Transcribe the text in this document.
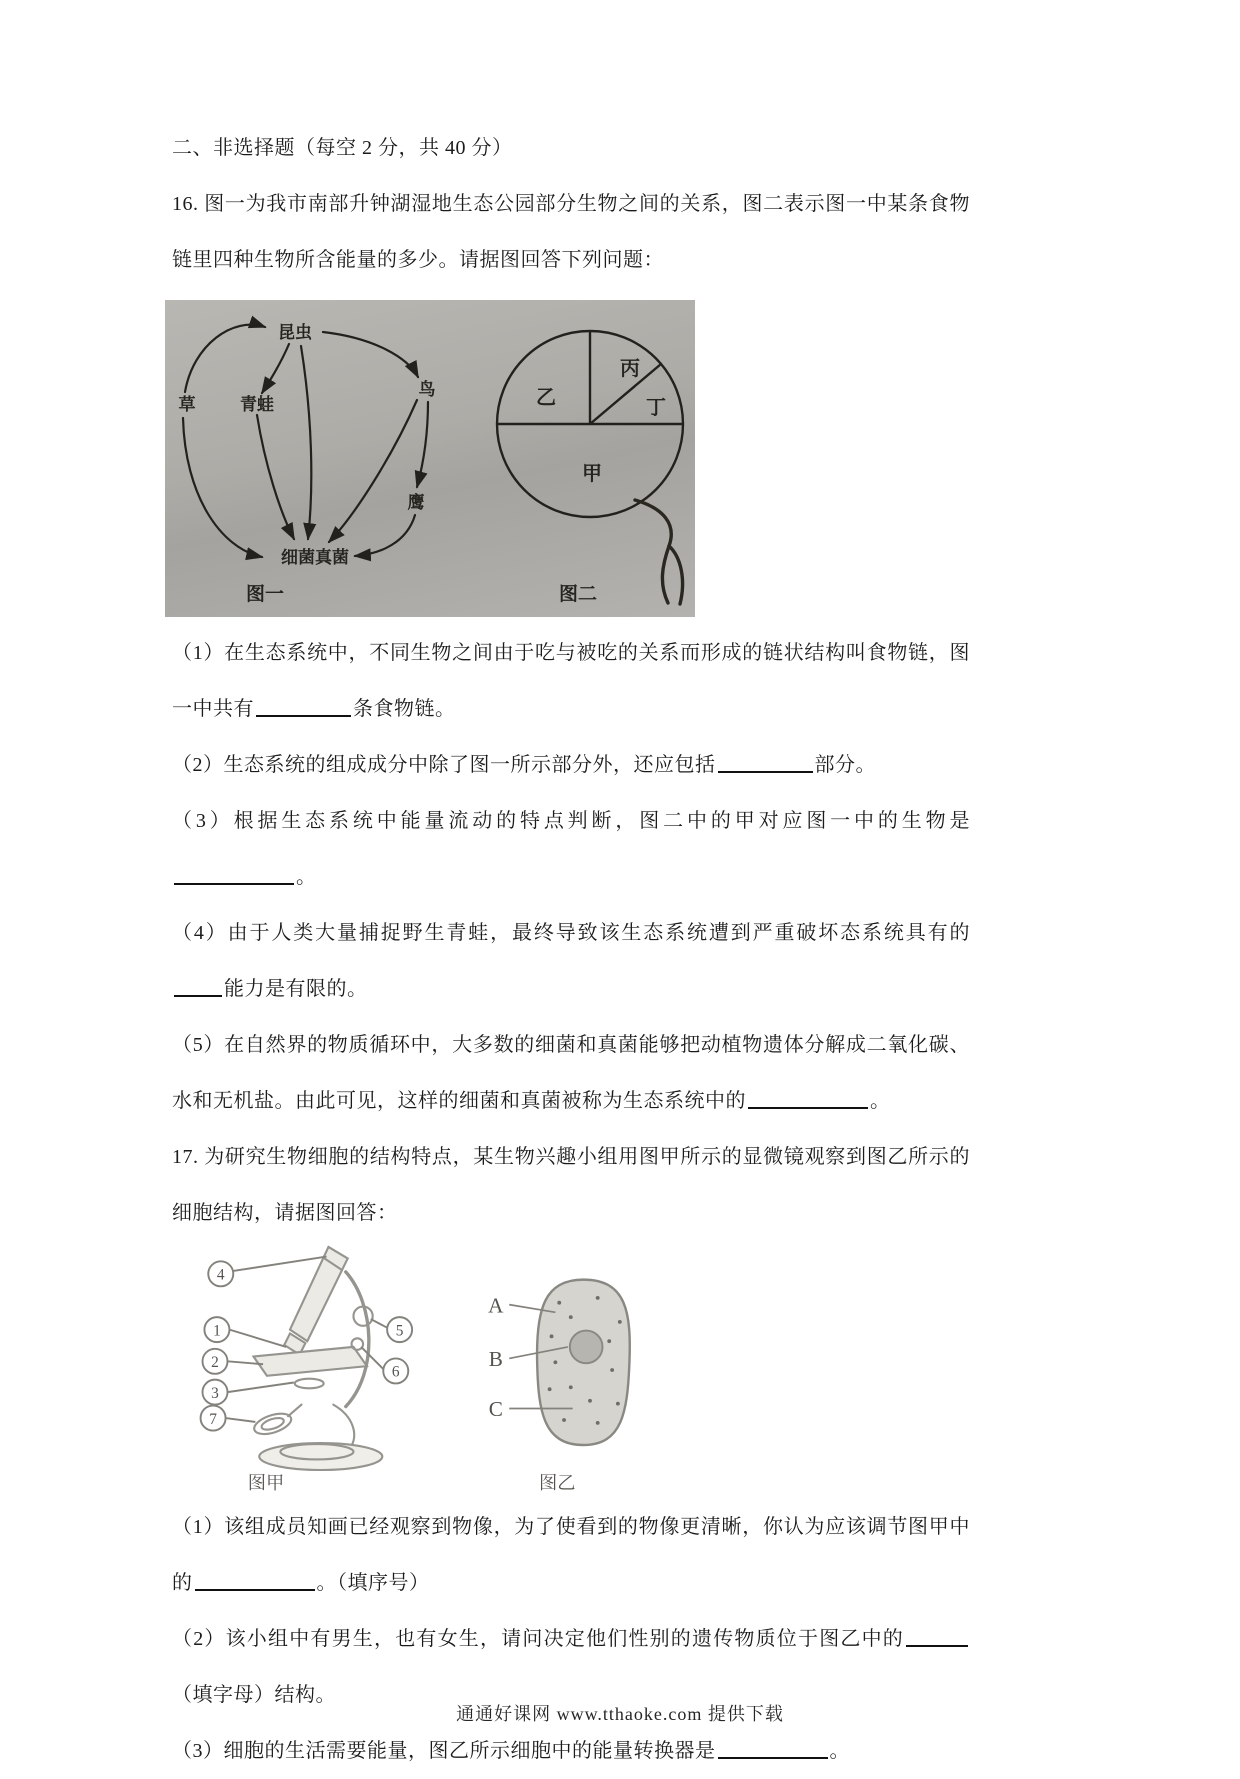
二、非选择题（每空 2 分，共 40 分）
16. 图一为我市南部升钟湖湿地生态公园部分生物之间的关系，图二表示图一中某条食物链里四种生物所含能量的多少。请据图回答下列问题：
昆虫
鸟
草	青蛙
鹰
细菌真菌
图一
乙
丙
丁
甲
图二
（1）在生态系统中，不同生物之间由于吃与被吃的关系而形成的链状结构叫食物链，图一中共有	条食物链。
（2）生态系统的组成成分中除了图一所示部分外，还应包括	部分。
（3）根据生态系统中能量流动的特点判断，图二中的甲对应图一中的生物是。
（4）由于人类大量捕捉野生青蛙，最终导致该生态系统遭到严重破坏态系统具有的能力是有限的。
（5）在自然界的物质循环中，大多数的细菌和真菌能够把动植物遗体分解成二氧化碳、水和无机盐。由此可见，这样的细菌和真菌被称为生态系统中的	。
17. 为研究生物细胞的结构特点，某生物兴趣小组用图甲所示的显微镜观察到图乙所示的细胞结构，请据图回答：
4
1
2
3
7
5
6
A
B
C
图甲	图乙
（1）该组成员知画已经观察到物像，为了使看到的物像更清晰，你认为应该调节图甲中的	。（填序号）
（2）该小组中有男生，也有女生，请问决定他们性别的遗传物质位于图乙中的（填字母）结构。
（3）细胞的生活需要能量，图乙所示细胞中的能量转换器是	。
通通好课网 www.tthaoke.com 提供下载
